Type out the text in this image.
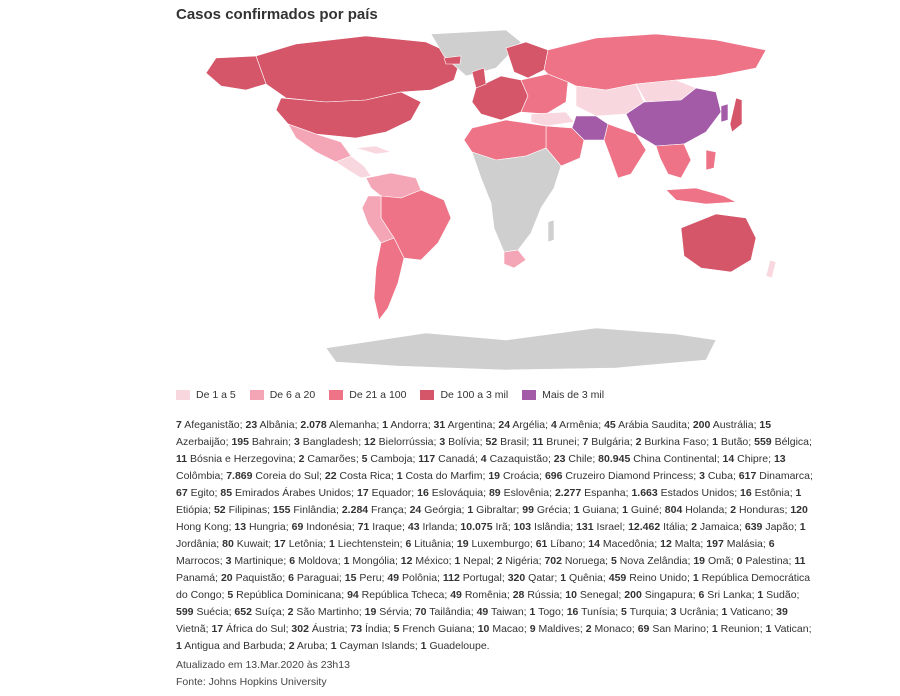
Casos confirmados por país
De 1 a 5	De 6 a 20	De 21 a 100	De 100 a 3 mil	Mais de 3 mil
7 Afeganistão; 23 Albânia; 2.078 Alemanha; 1 Andorra; 31 Argentina; 24 Argélia; 4 Armênia; 45 Arábia Saudita; 200 Austrália; 15 Azerbaijão; 195 Bahrain; 3 Bangladesh; 12 Bielorrússia; 3 Bolívia; 52 Brasil; 11 Brunei; 7 Bulgária; 2 Burkina Faso; 1 Butão; 559 Bélgica; 11 Bósnia e Herzegovina; 2 Camarões; 5 Camboja; 117 Canadá; 4 Cazaquistão; 23 Chile; 80.945 China Continental; 14 Chipre; 13 Colômbia; 7.869 Coreia do Sul; 22 Costa Rica; 1 Costa do Marfim; 19 Croácia; 696 Cruzeiro Diamond Princess; 3 Cuba; 617 Dinamarca; 67 Egito; 85 Emirados Árabes Unidos; 17 Equador; 16 Eslováquia; 89 Eslovênia; 2.277 Espanha; 1.663 Estados Unidos; 16 Estônia; 1 Etiópia; 52 Filipinas; 155 Finlândia; 2.284 França; 24 Geórgia; 1 Gibraltar; 99 Grécia; 1 Guiana; 1 Guiné; 804 Holanda; 2 Honduras; 120 Hong Kong; 13 Hungria; 69 Indonésia; 71 Iraque; 43 Irlanda; 10.075 Irã; 103 Islândia; 131 Israel; 12.462 Itália; 2 Jamaica; 639 Japão; 1 Jordânia; 80 Kuwait; 17 Letônia; 1 Liechtenstein; 6 Lituânia; 19 Luxemburgo; 61 Líbano; 14 Macedônia; 12 Malta; 197 Malásia; 6 Marrocos; 3 Martinique; 6 Moldova; 1 Mongólia; 12 México; 1 Nepal; 2 Nigéria; 702 Noruega; 5 Nova Zelândia; 19 Omã; 0 Palestina; 11 Panamá; 20 Paquistão; 6 Paraguai; 15 Peru; 49 Polônia; 112 Portugal; 320 Qatar; 1 Quênia; 459 Reino Unido; 1 República Democrática do Congo; 5 República Dominicana; 94 República Tcheca; 49 Romênia; 28 Rússia; 10 Senegal; 200 Singapura; 6 Sri Lanka; 1 Sudão; 599 Suécia; 652 Suíça; 2 São Martinho; 19 Sérvia; 70 Tailândia; 49 Taiwan; 1 Togo; 16 Tunísia; 5 Turquia; 3 Ucrânia; 1 Vaticano; 39 Vietnã; 17 África do Sul; 302 Áustria; 73 Índia; 5 French Guiana; 10 Macao; 9 Maldives; 2 Monaco; 69 San Marino; 1 Reunion; 1 Vatican; 1 Antigua and Barbuda; 2 Aruba; 1 Cayman Islands; 1 Guadeloupe.
Atualizado em 13.Mar.2020 às 23h13
Fonte: Johns Hopkins University
